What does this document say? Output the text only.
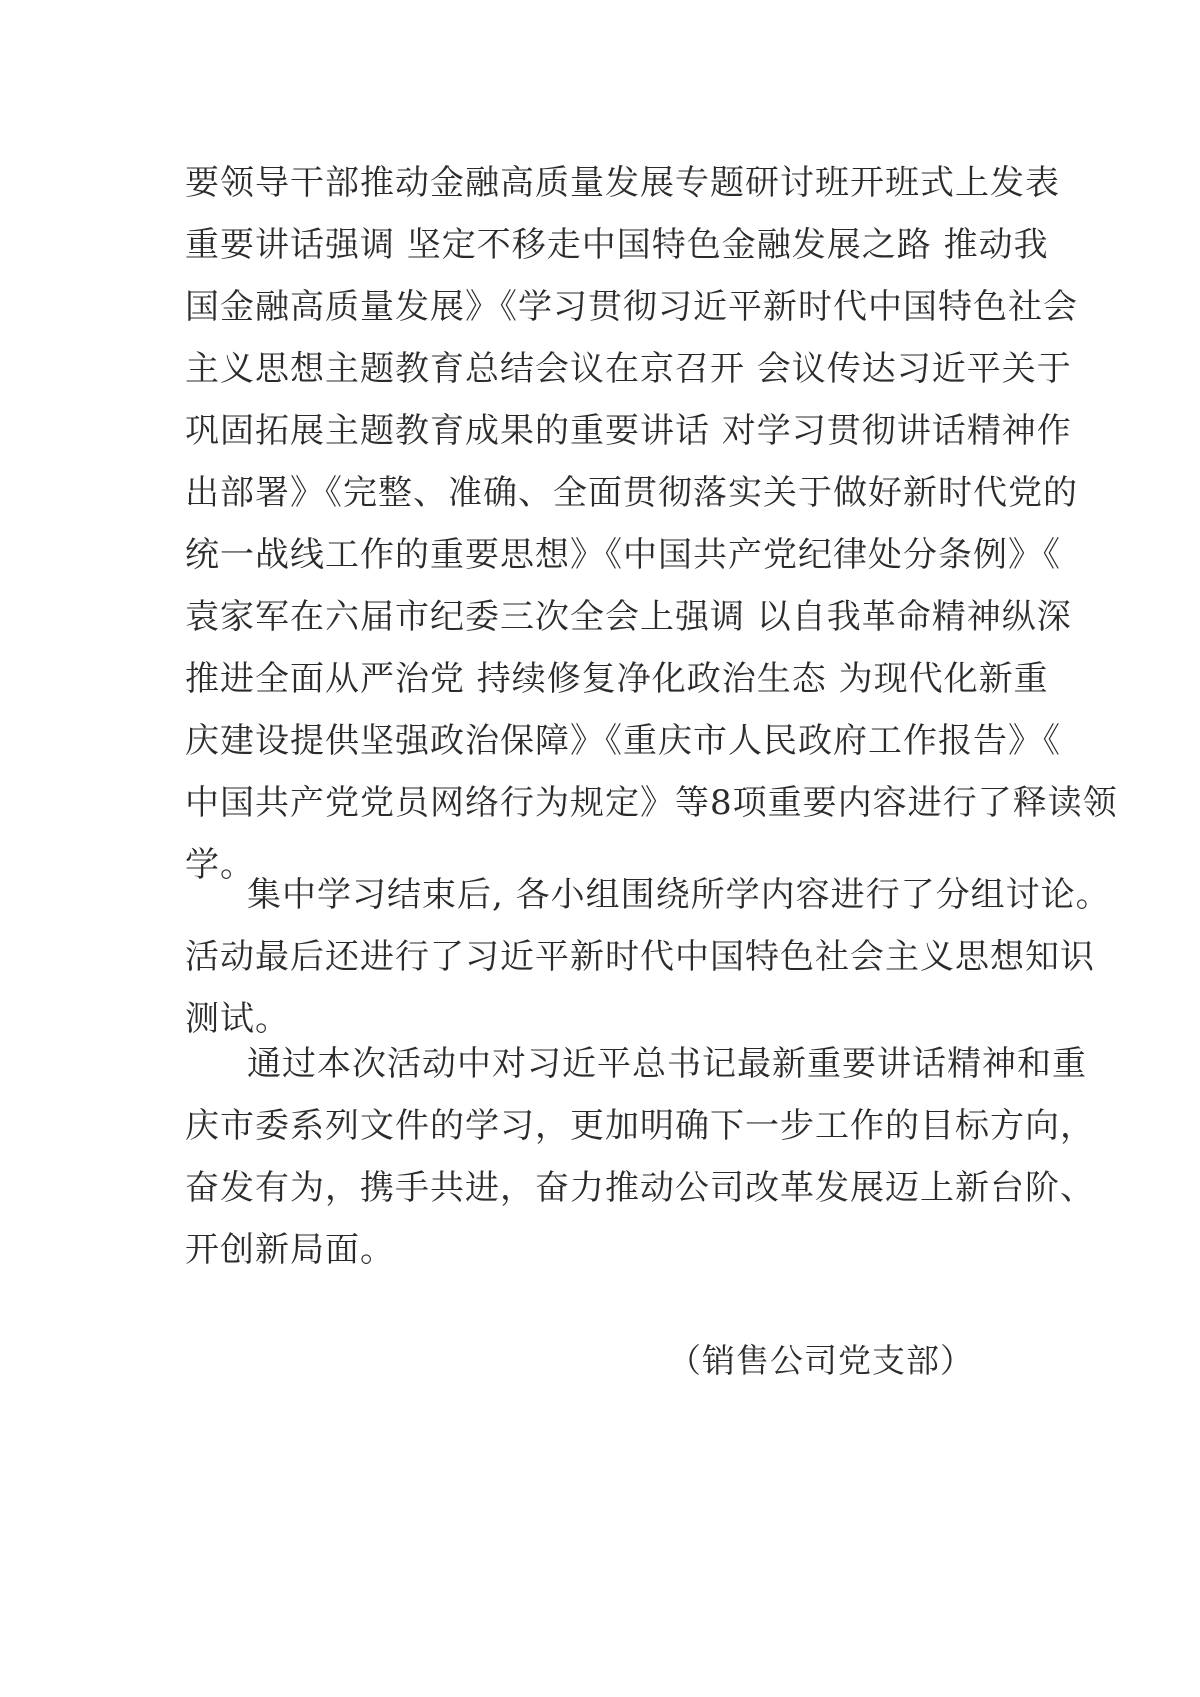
要领导干部推动金融高质量发展专题研讨班开班式上发表
重要讲话强调 坚定不移走中国特色金融发展之路 推动我
国金融高质量发展》《学习贯彻习近平新时代中国特色社会
主义思想主题教育总结会议在京召开 会议传达习近平关于
巩固拓展主题教育成果的重要讲话 对学习贯彻讲话精神作
出部署》《完整、准确、全面贯彻落实关于做好新时代党的
统一战线工作的重要思想》《中国共产党纪律处分条例》《
袁家军在六届市纪委三次全会上强调 以自我革命精神纵深
推进全面从严治党 持续修复净化政治生态 为现代化新重
庆建设提供坚强政治保障》《重庆市人民政府工作报告》《
中国共产党党员网络行为规定》等8项重要内容进行了释读领
学。
集中学习结束后, 各小组围绕所学内容进行了分组讨论。
活动最后还进行了习近平新时代中国特色社会主义思想知识
测试。
通过本次活动中对习近平总书记最新重要讲话精神和重
庆市委系列文件的学习，更加明确下一步工作的目标方向，
奋发有为，携手共进，奋力推动公司改革发展迈上新台阶、
开创新局面。
（销售公司党支部）
